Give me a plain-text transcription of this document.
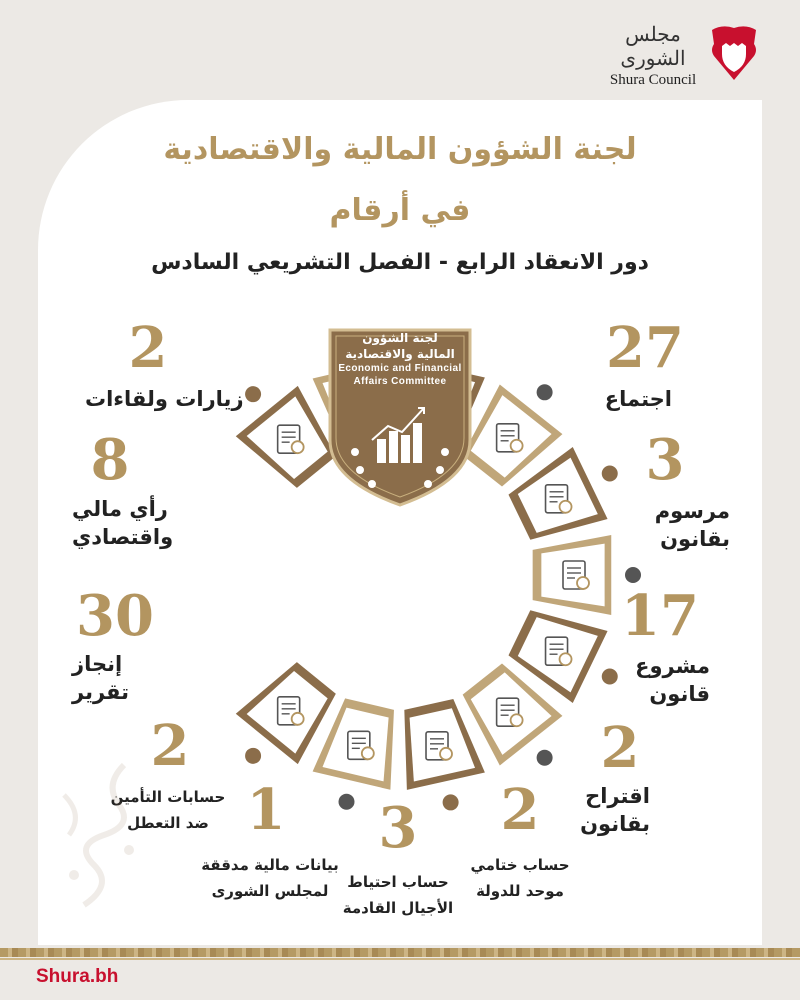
مجلس الشورى
Shura Council
لجنة الشؤون المالية والاقتصادية
في أرقام
دور الانعقاد الرابع - الفصل التشريعي السادس
لجنة الشؤون
المالية والاقتصادية
Economic and Financial
Affairs Committee
27
اجتماع
3
مرسوم
بقانون
17
مشروع
قانون
2
اقتراح
بقانون
2
حساب ختامي
موحد للدولة
3
حساب احتياط
الأجيال القادمة
1
بيانات مالية مدققة
لمجلس الشورى
2
حسابات التأمين
ضد التعطل
30
إنجاز
تقرير
8
رأي مالي
واقتصادي
2
زيارات ولقاءات
Shura.bh
